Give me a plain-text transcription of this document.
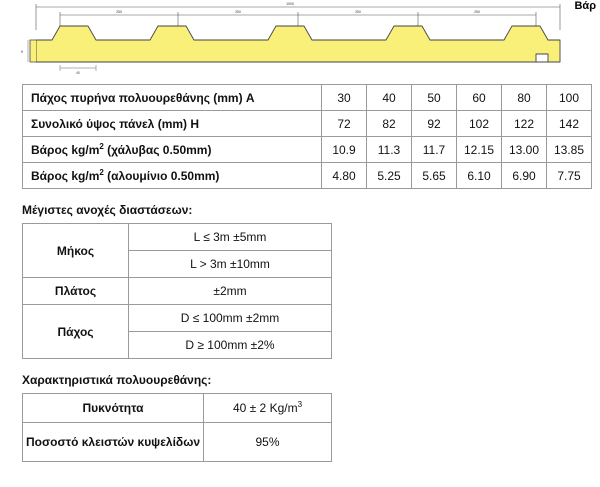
1000
250	250	250	250
40
H
Βάρ
Πάχος πυρήνα πολυουρεθάνης (mm) A	30	40	50	60	80	100
Συνολικό ύψος πάνελ (mm) H	72	82	92	102	122	142
Βάρος $kg/m^2$ (χάλυβας 0.50mm)	10.9	11.3	11.7	12.15	13.00	13.85
Βάρος $kg/m^2$ (αλουμίνιο 0.50mm)	4.80	5.25	5.65	6.10	6.90	7.75
Μέγιστες ανοχές διαστάσεων:
Μήκος	L ≤ 3m ±5mm
	L > 3m ±10mm
Πλάτος	±2mm
Πάχος	D ≤ 100mm ±2mm
	D ≥ 100mm ±2%
Χαρακτηριστικά πολυουρεθάνης:
Πυκνότητα	40 ± 2 $Kg/m^3$
Ποσοστό κλειστών κυψελίδων	95%
